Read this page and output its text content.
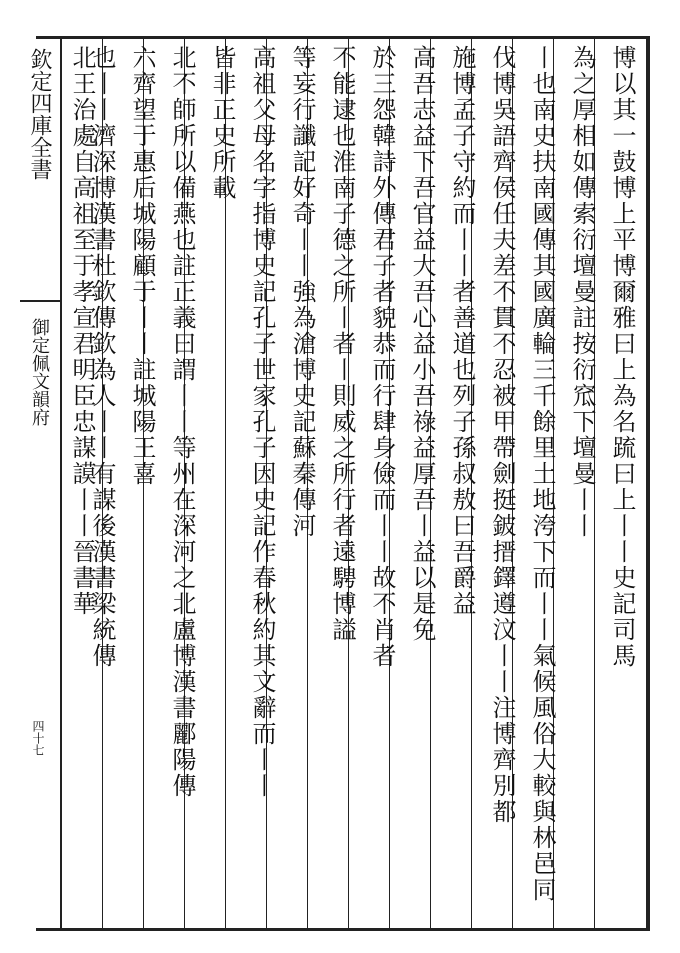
欽定四庫全書
御定佩文韻府
四十七
博以其一鼓博上平博爾雅曰上為名䟽曰上丨丨史記司馬
為之厚相如傳索衍壇曼註按衍窊下壇曼丨丨
丨也南史扶南國傳其國廣輪三千餘里土地洿下而丨丨氣候風俗大較與林邑同
伐博吳語齊侯任夫差不貫不忍被甲帶劍挺鈹搢鐸遵汶丨丨注博齊別都
施博孟子守約而丨丨者善道也列子孫叔敖曰吾爵益
高吾志益下吾官益大吾心益小吾祿益厚吾丨益以是免
於三怨韓詩外傳君子者貌恭而行肆身儉而丨丨故不肖者
不能逮也淮南子德之所丨者丨則威之所行者遠騁博謚
等妄行讖記好奇丨丨強為滄博史記蘇秦傳河
高祖父母名字指博史記孔子世家孔子因史記作春秋約其文辭而丨丨
皆非正史所載
北不師所以備燕也註正義曰謂丨丨等州在深河之北盧博漢書酈陽傳
六齊望于惠后城陽顧于丨丨註城陽王喜
也丨丨濟深博漢書杜欽傳欽為人丨丨有謀後漢書梁統傳
北王治處自高祖至于孝宣君明臣忠謀謨丨丨晉書華
